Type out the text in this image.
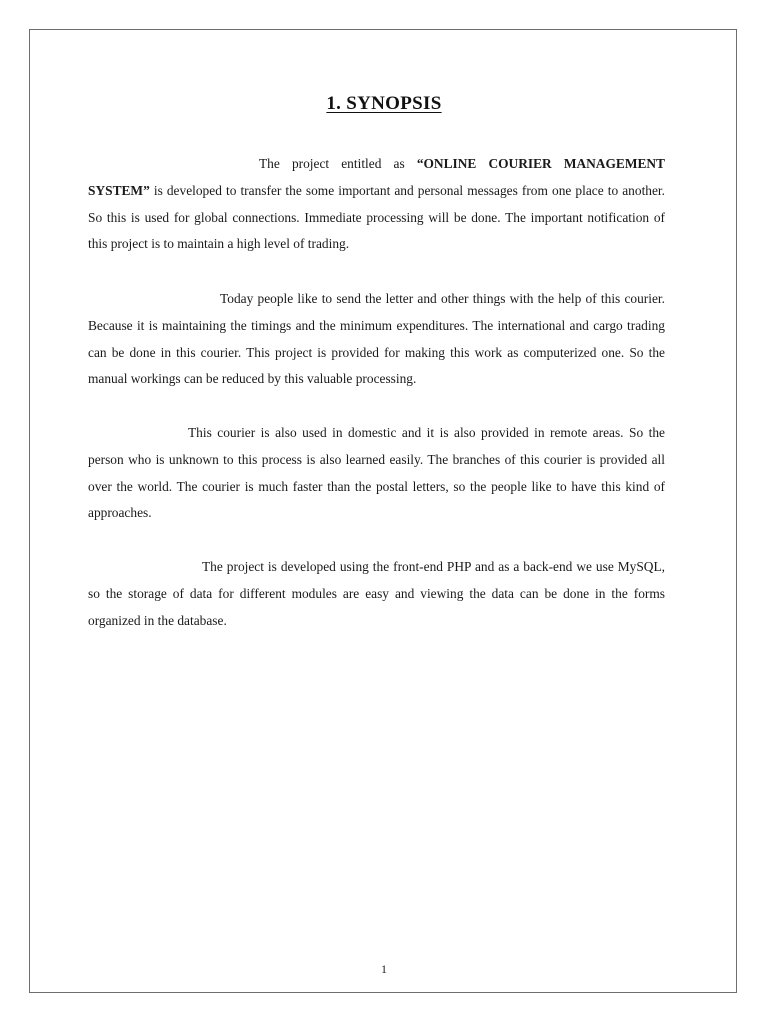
1. SYNOPSIS

The project entitled as “ONLINE COURIER MANAGEMENT SYSTEM” is developed to transfer the some important and personal messages from one place to another. So this is used for global connections. Immediate processing will be done. The important notification of this project is to maintain a high level of trading.

Today people like to send the letter and other things with the help of this courier. Because it is maintaining the timings and the minimum expenditures. The international and cargo trading can be done in this courier. This project is provided for making this work as computerized one. So the manual workings can be reduced by this valuable processing.

This courier is also used in domestic and it is also provided in remote areas. So the person who is unknown to this process is also learned easily. The branches of this courier is provided all over the world. The courier is much faster than the postal letters, so the people like to have this kind of approaches.

The project is developed using the front-end PHP and as a back-end we use MySQL, so the storage of data for different modules are easy and viewing the data can be done in the forms organized in the database.

1
